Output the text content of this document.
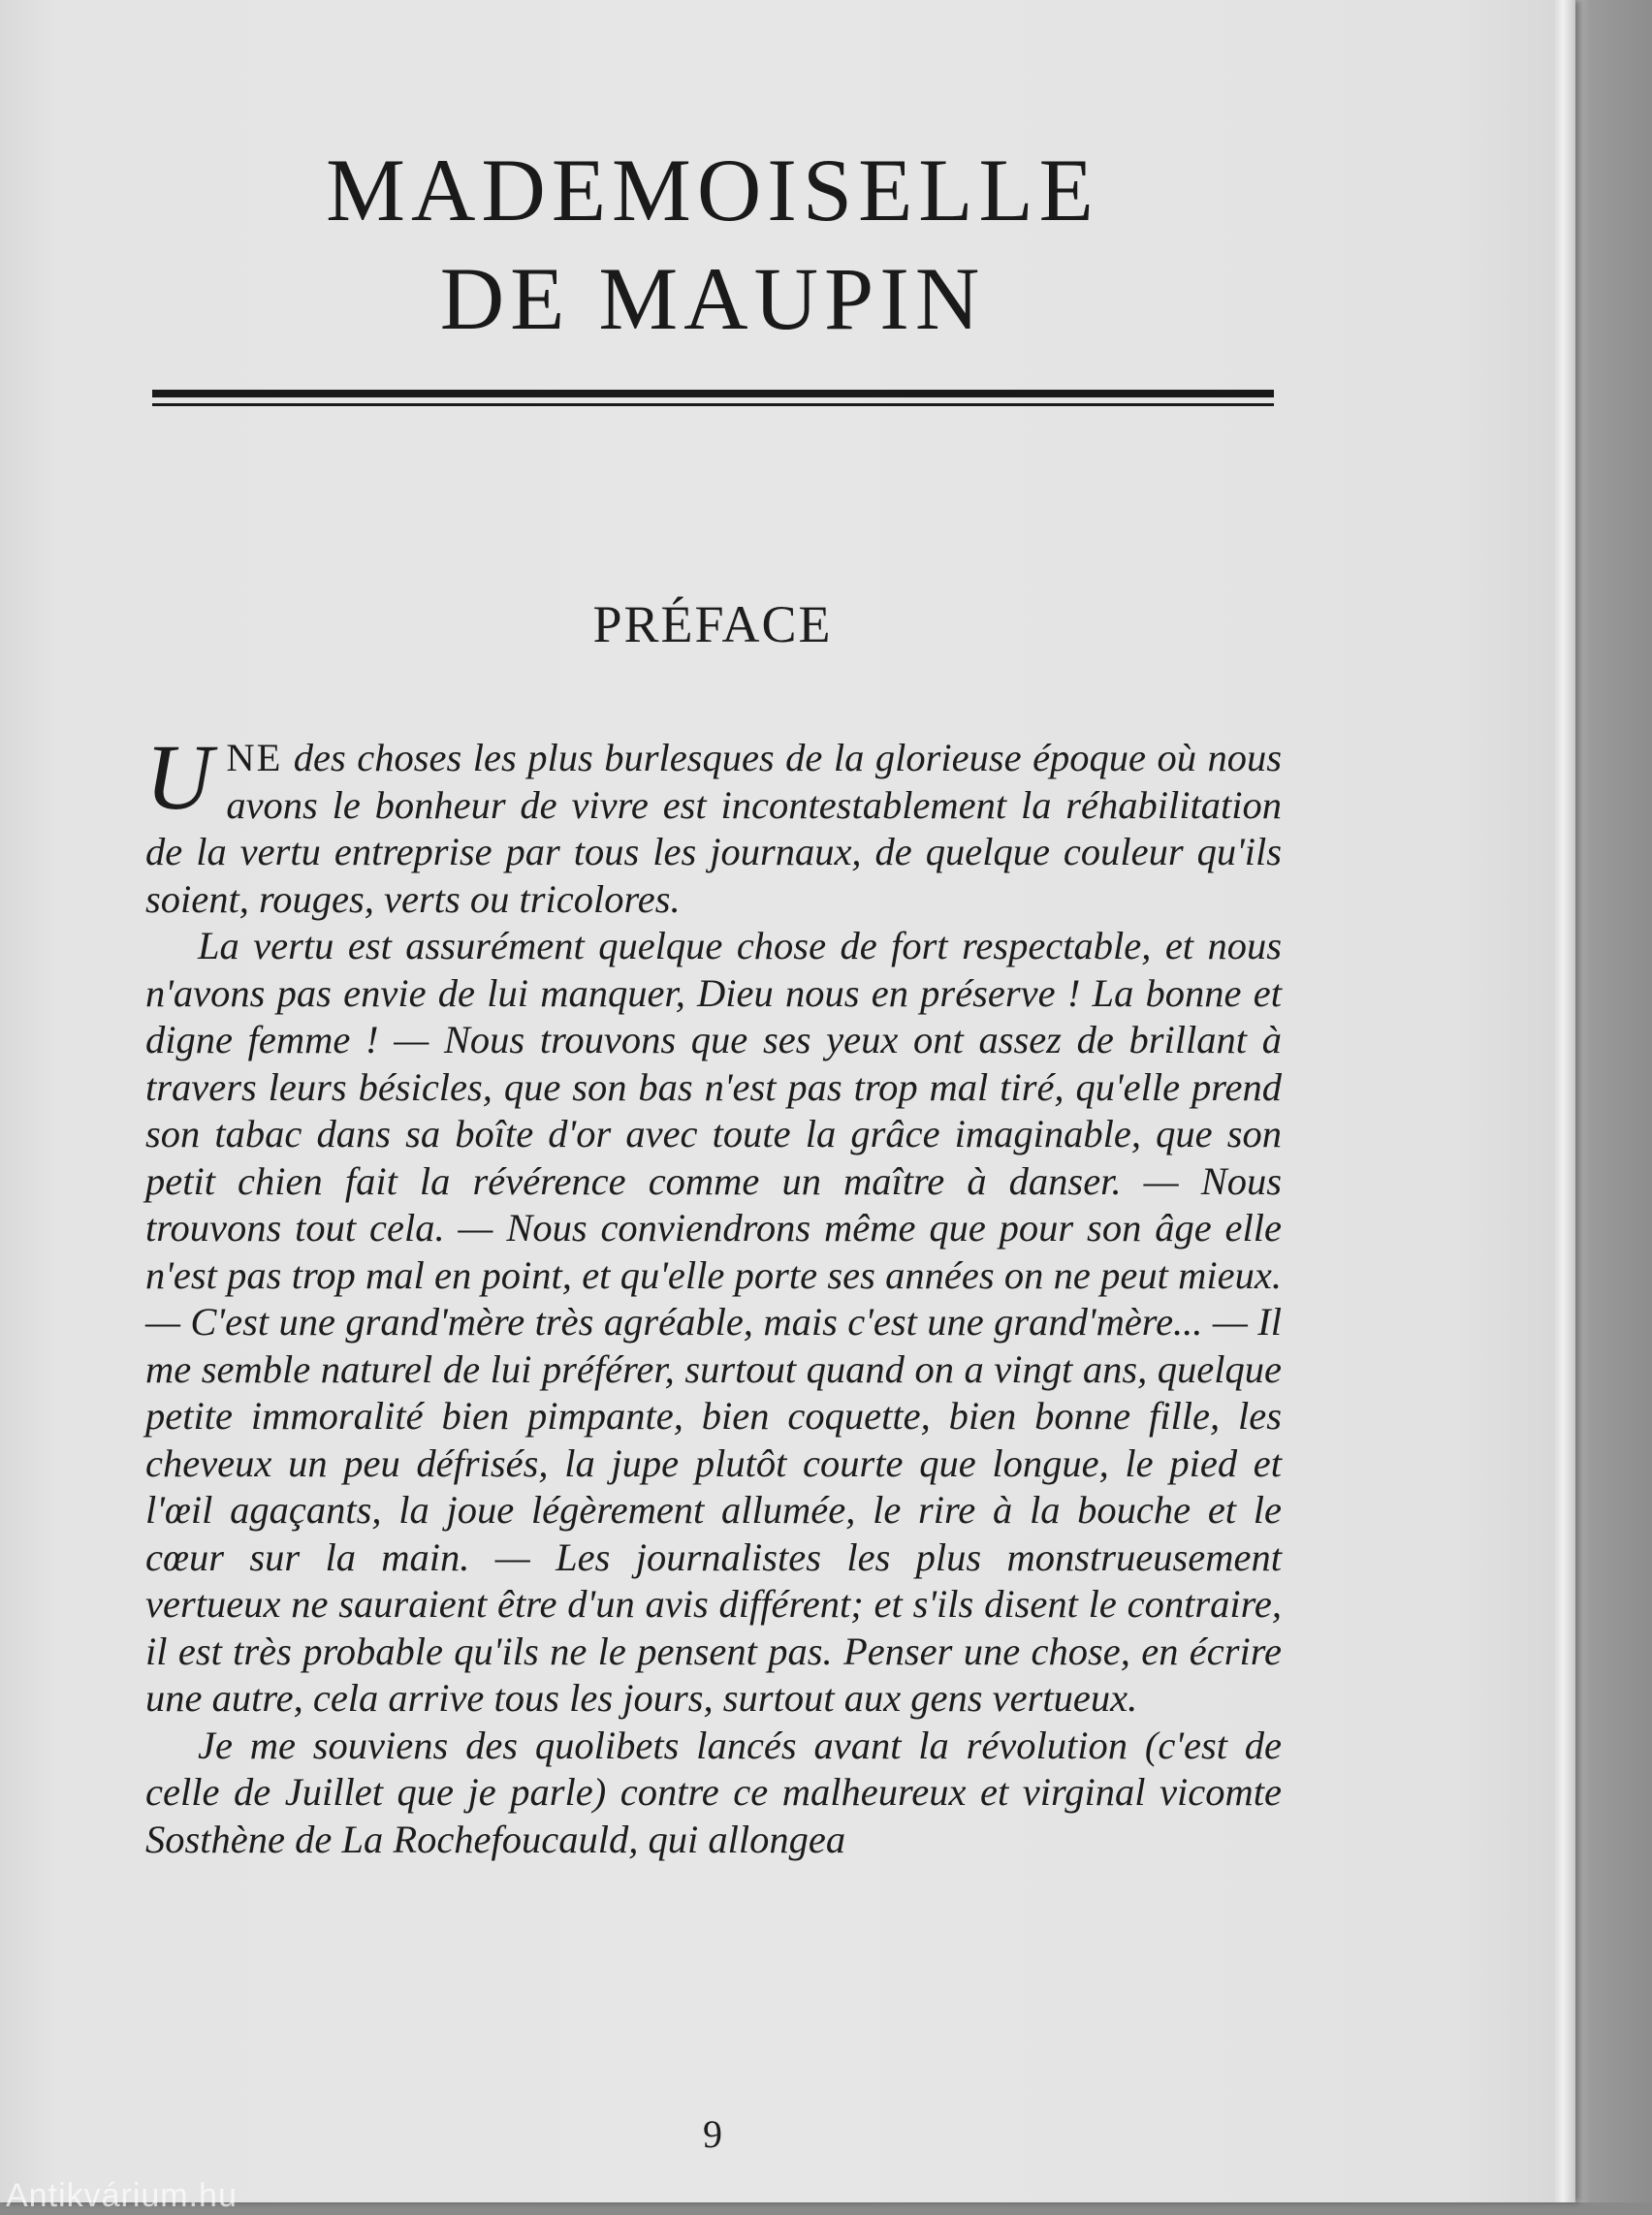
MADEMOISELLE
DE MAUPIN
PRÉFACE

UNE des choses les plus burlesques de la glorieuse époque où nous avons le bonheur de vivre est incontestablement la réhabilitation de la vertu entreprise par tous les journaux, de quelque couleur qu'ils soient, rouges, verts ou tricolores.

La vertu est assurément quelque chose de fort respectable, et nous n'avons pas envie de lui manquer, Dieu nous en préserve ! La bonne et digne femme ! — Nous trouvons que ses yeux ont assez de brillant à travers leurs bésicles, que son bas n'est pas trop mal tiré, qu'elle prend son tabac dans sa boîte d'or avec toute la grâce imaginable, que son petit chien fait la révérence comme un maître à danser. — Nous trouvons tout cela. — Nous conviendrons même que pour son âge elle n'est pas trop mal en point, et qu'elle porte ses années on ne peut mieux. — C'est une grand'mère très agréable, mais c'est une grand'mère... — Il me semble naturel de lui préférer, surtout quand on a vingt ans, quelque petite immoralité bien pimpante, bien coquette, bien bonne fille, les cheveux un peu défrisés, la jupe plutôt courte que longue, le pied et l'œil agaçants, la joue légèrement allumée, le rire à la bouche et le cœur sur la main. — Les journalistes les plus monstrueusement vertueux ne sauraient être d'un avis différent; et s'ils disent le contraire, il est très probable qu'ils ne le pensent pas. Penser une chose, en écrire une autre, cela arrive tous les jours, surtout aux gens vertueux.

Je me souviens des quolibets lancés avant la révolution (c'est de celle de Juillet que je parle) contre ce malheureux et virginal vicomte Sosthène de La Rochefoucauld, qui allongea

9
Antikvárium.hu
